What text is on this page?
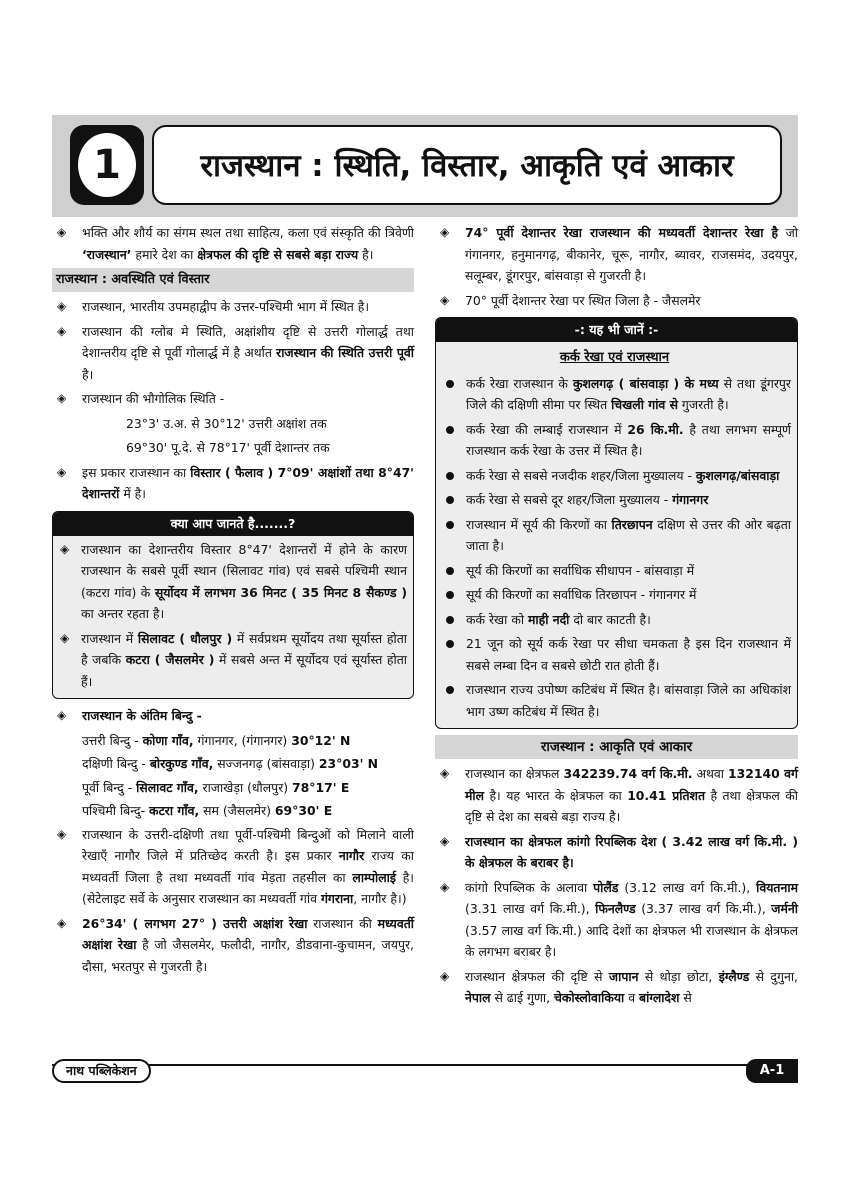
1	राजस्थान : स्थिति, विस्तार, आकृति एवं आकार
◈ भक्ति और शौर्य का संगम स्थल तथा साहित्य, कला एवं संस्कृति की त्रिवेणी ‘राजस्थान’ हमारे देश का क्षेत्रफल की दृष्टि से सबसे बड़ा राज्य है।
राजस्थान : अवस्थिति एवं विस्तार
◈ राजस्थान, भारतीय उपमहाद्वीप के उत्तर-पश्चिमी भाग में स्थित है।
◈ राजस्थान की ग्लोब मे स्थिति, अक्षांशीय दृष्टि से उत्तरी गोलार्द्ध तथा देशान्तरीय दृष्टि से पूर्वी गोलार्द्ध में है अर्थात राजस्थान की स्थिति उत्तरी पूर्वी है।
◈ राजस्थान की भौगोलिक स्थिति -
23°3' उ.अ. से 30°12' उत्तरी अक्षांश तक
69°30' पू.दे. से 78°17' पूर्वी देशान्तर तक
◈ इस प्रकार राजस्थान का विस्तार ( फैलाव ) 7°09' अक्षांशों तथा 8°47' देशान्तरों में है।
क्या आप जानते है.......?
◈ राजस्थान का देशान्तरीय विस्तार 8°47' देशान्तरों में होने के कारण राजस्थान के सबसे पूर्वी स्थान (सिलावट गांव) एवं सबसे पश्चिमी स्थान (कटरा गांव) के सूर्योदय में लगभग 36 मिनट ( 35 मिनट 8 सैकण्ड ) का अन्तर रहता है।
◈ राजस्थान में सिलावट ( धौलपुर ) में सर्वप्रथम सूर्योदय तथा सूर्यास्त होता है जबकि कटरा ( जैसलमेर ) में सबसे अन्त में सूर्योदय एवं सूर्यास्त होता हैं।
◈ राजस्थान के अंतिम बिन्दु -
उत्तरी बिन्दु - कोणा गाँव, गंगानगर, (गंगानगर) 30°12' N
दक्षिणी बिन्दु - बोरकुण्ड गाँव, सज्जनगढ़ (बांसवाड़ा) 23°03' N
पूर्वी बिन्दु - सिलावट गाँव, राजाखेड़ा (धौलपुर) 78°17' E
पश्चिमी बिन्दु- कटरा गाँव, सम (जैसलमेर) 69°30' E
◈ राजस्थान के उत्तरी-दक्षिणी तथा पूर्वी-पश्चिमी बिन्दुओं को मिलाने वाली रेखाएँ नागौर जिले में प्रतिच्छेद करती है। इस प्रकार नागौर राज्य का मध्यवर्ती जिला है तथा मध्यवर्ती गांव मेड़ता तहसील का लाम्पोलाई है। (सेटेलाइट सर्वे के अनुसार राजस्थान का मध्यवर्ती गांव गंगराना, नागौर है।)
◈ 26°34' ( लगभग 27° ) उत्तरी अक्षांश रेखा राजस्थान की मध्यवर्ती अक्षांश रेखा है जो जैसलमेर, फलौदी, नागौर, डीडवाना-कुचामन, जयपुर, दौसा, भरतपुर से गुजरती है।
◈ 74° पूर्वी देशान्तर रेखा राजस्थान की मध्यवर्ती देशान्तर रेखा है जो गंगानगर, हनुमानगढ़, बीकानेर, चूरू, नागौर, ब्यावर, राजसमंद, उदयपुर, सलूम्बर, डूंगरपुर, बांसवाड़ा से गुजरती है।
◈ 70° पूर्वी देशान्तर रेखा पर स्थित जिला है - जैसलमेर
-: यह भी जानें :-
कर्क रेखा एवं राजस्थान
कर्क रेखा राजस्थान के कुशलगढ़ ( बांसवाड़ा ) के मध्य से तथा डूंगरपुर जिले की दक्षिणी सीमा पर स्थित चिखली गांव से गुजरती है।
कर्क रेखा की लम्बाई राजस्थान में 26 कि.मी. है तथा लगभग सम्पूर्ण राजस्थान कर्क रेखा के उत्तर में स्थित है।
कर्क रेखा से सबसे नजदीक शहर/जिला मुख्यालय - कुशलगढ़/बांसवाड़ा
कर्क रेखा से सबसे दूर शहर/जिला मुख्यालय - गंगानगर
राजस्थान में सूर्य की किरणों का तिरछापन दक्षिण से उत्तर की ओर बढ़ता जाता है।
सूर्य की किरणों का सर्वाधिक सीधापन - बांसवाड़ा में
सूर्य की किरणों का सर्वाधिक तिरछापन - गंगानगर में
कर्क रेखा को माही नदी दो बार काटती है।
21 जून को सूर्य कर्क रेखा पर सीधा चमकता है इस दिन राजस्थान में सबसे लम्बा दिन व सबसे छोटी रात होती हैं।
राजस्थान राज्य उपोष्ण कटिबंध में स्थित है। बांसवाड़ा जिले का अधिकांश भाग उष्ण कटिबंध में स्थित है।
राजस्थान : आकृति एवं आकार
◈ राजस्थान का क्षेत्रफल 342239.74 वर्ग कि.मी. अथवा 132140 वर्ग मील है। यह भारत के क्षेत्रफल का 10.41 प्रतिशत है तथा क्षेत्रफल की दृष्टि से देश का सबसे बड़ा राज्य है।
◈ राजस्थान का क्षेत्रफल कांगो रिपब्लिक देश ( 3.42 लाख वर्ग कि.मी. ) के क्षेत्रफल के बराबर है।
◈ कांगो रिपब्लिक के अलावा पोलैंड (3.12 लाख वर्ग कि.मी.), वियतनाम (3.31 लाख वर्ग कि.मी.), फिनलैण्ड (3.37 लाख वर्ग कि.मी.), जर्मनी (3.57 लाख वर्ग कि.मी.) आदि देशों का क्षेत्रफल भी राजस्थान के क्षेत्रफल के लगभग बराबर है।
◈ राजस्थान क्षेत्रफल की दृष्टि से जापान से थोड़ा छोटा, इंग्लैण्ड से दुगुना, नेपाल से ढाई गुणा, चेकोस्लोवाकिया व बांग्लादेश से
नाथ पब्लिकेशन	A-1
